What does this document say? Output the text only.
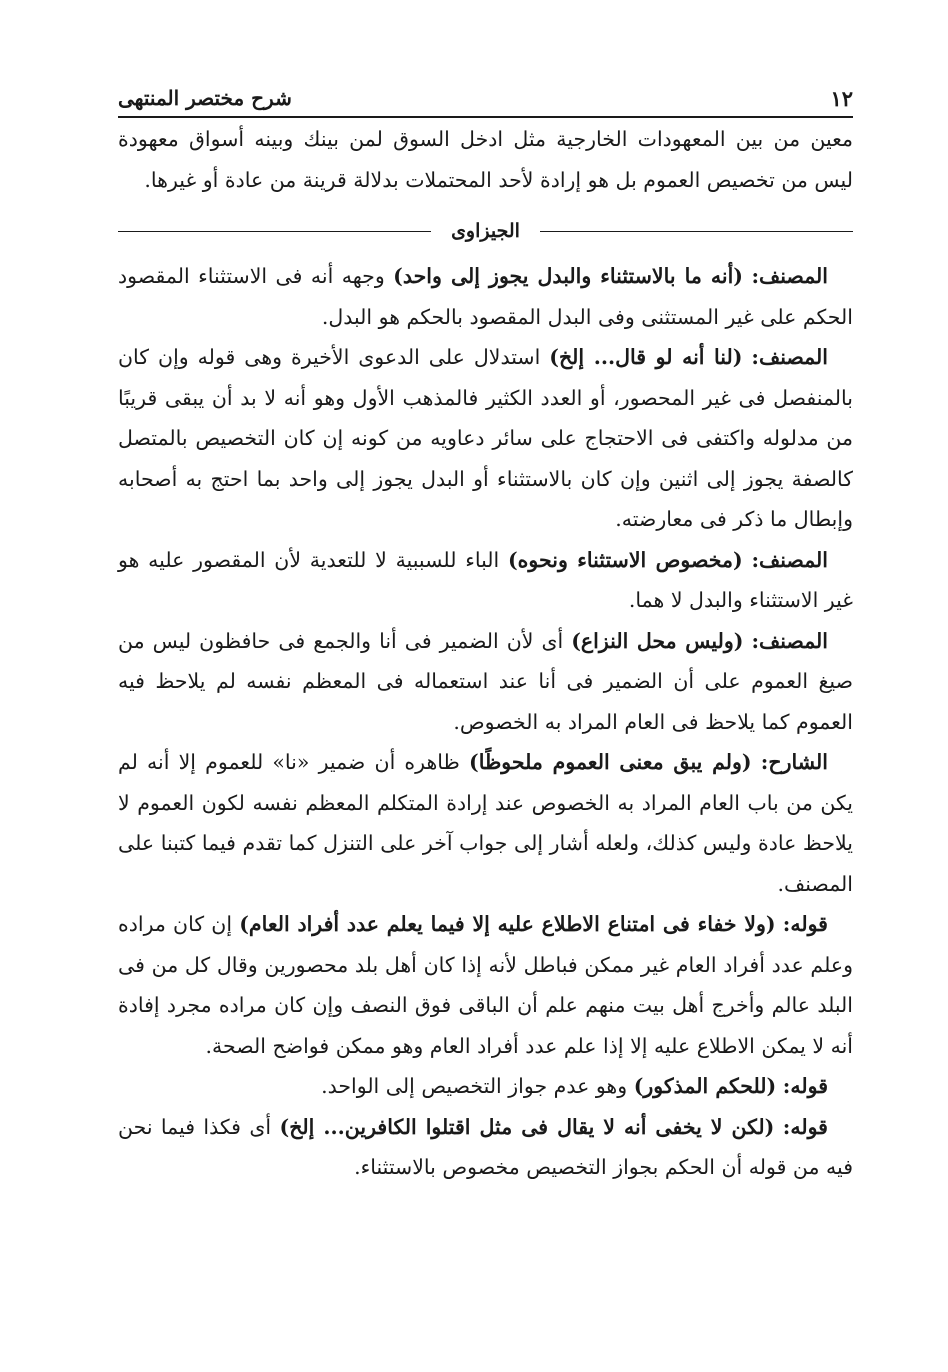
١٢
شرح مختصر المنتهى

معين من بين المعهودات الخارجية مثل ادخل السوق لمن بينك وبينه أسواق معهودة ليس من تخصيص العموم بل هو إرادة لأحد المحتملات بدلالة قرينة من عادة أو غيرها.

الجيزاوى

المصنف: (أنه ما بالاستثناء والبدل يجوز إلى واحد) وجهه أنه فى الاستثناء المقصود الحكم على غير المستثنى وفى البدل المقصود بالحكم هو البدل.

المصنف: (لنا أنه لو قال... إلخ) استدلال على الدعوى الأخيرة وهى قوله وإن كان بالمنفصل فى غير المحصور، أو العدد الكثير فالمذهب الأول وهو أنه لا بد أن يبقى قريبًا من مدلوله واكتفى فى الاحتجاج على سائر دعاويه من كونه إن كان التخصيص بالمتصل كالصفة يجوز إلى اثنين وإن كان بالاستثناء أو البدل يجوز إلى واحد بما احتج به أصحابه وإبطال ما ذكر فى معارضته.

المصنف: (مخصوص الاستثناء ونحوه) الباء للسببية لا للتعدية لأن المقصور عليه هو غير الاستثناء والبدل لا هما.

المصنف: (وليس محل النزاع) أى لأن الضمير فى أنا والجمع فى حافظون ليس من صيغ العموم على أن الضمير فى أنا عند استعماله فى المعظم نفسه لم يلاحظ فيه العموم كما يلاحظ فى العام المراد به الخصوص.

الشارح: (ولم يبق معنى العموم ملحوظًا) ظاهره أن ضمير «نا» للعموم إلا أنه لم يكن من باب العام المراد به الخصوص عند إرادة المتكلم المعظم نفسه لكون العموم لا يلاحظ عادة وليس كذلك، ولعله أشار إلى جواب آخر على التنزل كما تقدم فيما كتبنا على المصنف.

قوله: (ولا خفاء فى امتناع الاطلاع عليه إلا فيما يعلم عدد أفراد العام) إن كان مراده وعلم عدد أفراد العام غير ممكن فباطل لأنه إذا كان أهل بلد محصورين وقال كل من فى البلد عالم وأخرج أهل بيت منهم علم أن الباقى فوق النصف وإن كان مراده مجرد إفادة أنه لا يمكن الاطلاع عليه إلا إذا علم عدد أفراد العام وهو ممكن فواضح الصحة.

قوله: (للحكم المذكور) وهو عدم جواز التخصيص إلى الواحد.

قوله: (لكن لا يخفى أنه لا يقال فى مثل اقتلوا الكافرين... إلخ) أى فكذا فيما نحن فيه من قوله أن الحكم بجواز التخصيص مخصوص بالاستثناء.
